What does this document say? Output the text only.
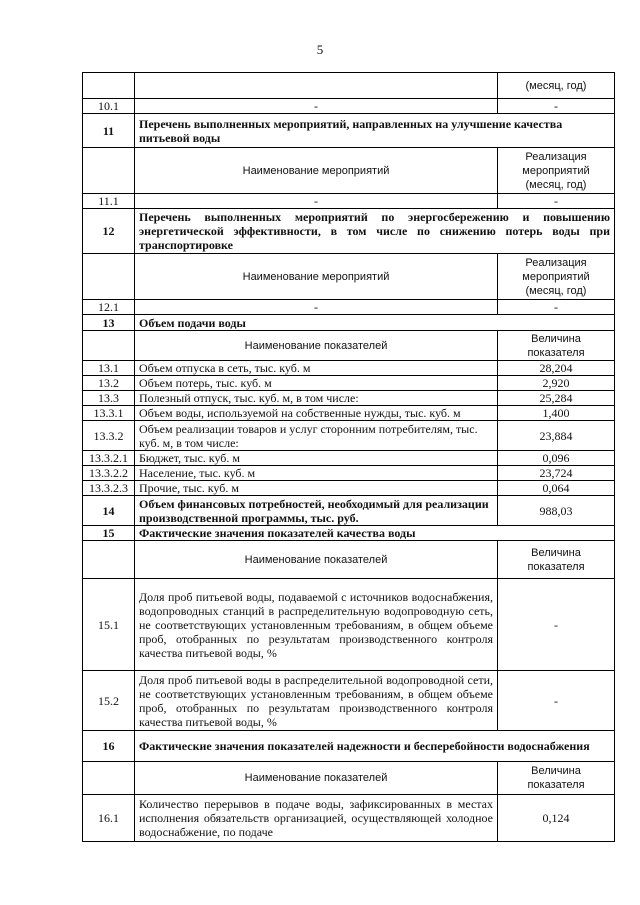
5
		(месяц, год)
10.1	-	-
11	Перечень выполненных мероприятий, направленных на улучшение качества питьевой воды	
	Наименование мероприятий	Реализация мероприятий (месяц, год)
11.1	-	-
12	Перечень выполненных мероприятий по энергосбережению и повышению энергетической эффективности, в том числе по снижению потерь воды при транспортировке	
	Наименование мероприятий	Реализация мероприятий (месяц, год)
12.1	-	-
13	Объем подачи воды	
	Наименование показателей	Величина показателя
13.1	Объем отпуска в сеть, тыс. куб. м	28,204
13.2	Объем потерь, тыс. куб. м	2,920
13.3	Полезный отпуск, тыс. куб. м, в том числе:	25,284
13.3.1	Объем воды, используемой на собственные нужды, тыс. куб. м	1,400
13.3.2	Объем реализации товаров и услуг сторонним потребителям, тыс. куб. м, в том числе:	23,884
13.3.2.1	Бюджет, тыс. куб. м	0,096
13.3.2.2	Население, тыс. куб. м	23,724
13.3.2.3	Прочие, тыс. куб. м	0,064
14	Объем финансовых потребностей, необходимый для реализации производственной программы, тыс. руб.	988,03
15	Фактические значения показателей качества воды	
	Наименование показателей	Величина показателя
15.1	Доля проб питьевой воды, подаваемой с источников водоснабжения, водопроводных станций в распределительную водопроводную сеть, не соответствующих установленным требованиям, в общем объеме проб, отобранных по результатам производственного контроля качества питьевой воды, %	-
15.2	Доля проб питьевой воды в распределительной водопроводной сети, не соответствующих установленным требованиям, в общем объеме проб, отобранных по результатам производственного контроля качества питьевой воды, %	-
16	Фактические значения показателей надежности и бесперебойности водоснабжения	
	Наименование показателей	Величина показателя
16.1	Количество перерывов в подаче воды, зафиксированных в местах исполнения обязательств организацией, осуществляющей холодное водоснабжение, по подаче	0,124
